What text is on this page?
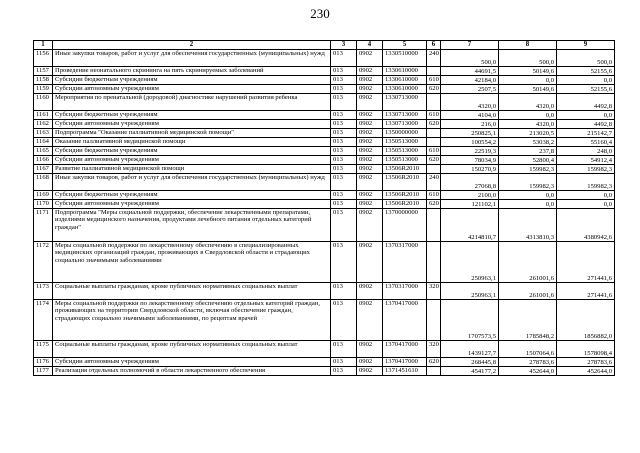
230
1	2	3	4	5	6	7	8	9
1156	Иные закупки товаров, работ и услуг для обеспечения государственных (муниципальных) нужд	013	0902	1330510000	240	500,0	500,0	500,0
1157	Проведение неонатального скрининга на пять скринируемых заболеваний	013	0902	1330610000		44691,5	50149,6	52155,6
1158	Субсидии бюджетным учреждениям	013	0902	1330610000	610	42184,0	0,0	0,0
1159	Субсидии автономным учреждениям	013	0902	1330610000	620	2507,5	50149,6	52155,6
1160	Мероприятия по пренатальной (дородовой) диагностике нарушений развития ребенка	013	0902	1330713000		4320,0	4320,0	4492,8
1161	Субсидии бюджетным учреждениям	013	0902	1330713000	610	4104,0	0,0	0,0
1162	Субсидии автономным учреждениям	013	0902	1330713000	620	216,0	4320,0	4492,8
1163	Подпрограмма "Оказание паллиативной медицинской помощи"	013	0902	1350000000		250825,1	213020,5	215142,7
1164	Оказание паллиативной медицинской помощи	013	0902	1350513000		100554,2	53038,2	55160,4
1165	Субсидии бюджетным учреждениям	013	0902	1350513000	610	22519,3	237,8	248,0
1166	Субсидии автономным учреждениям	013	0902	1350513000	620	78034,9	52800,4	54912,4
1167	Развитие паллиативной медицинской помощи	013	0902	13506R2010		150270,9	159982,3	159982,3
1168	Иные закупки товаров, работ и услуг для обеспечения государственных (муниципальных) нужд	013	0902	13506R2010	240	27068,8	159982,3	159982,3
1169	Субсидии бюджетным учреждениям	013	0902	13506R2010	610	2100,0	0,0	0,0
1170	Субсидии автономным учреждениям	013	0902	13506R2010	620	121102,1	0,0	0,0
1171	Подпрограмма "Меры социальной поддержки, обеспечение лекарственными препаратами, изделиями медицинского назначения, продуктами лечебного питания отдельных категорий граждан"	013	0902	1370000000		4214810,7	4313810,3	4380942,6
1172	Меры социальной поддержки по лекарственному обеспечению в специализированных медицинских организаций граждан, проживающих в Свердловской области и страдающих социально значимыми заболеваниями	013	0902	1370317000		250963,1	261001,6	271441,6
1173	Социальные выплаты гражданам, кроме публичных нормативных социальных выплат	013	0902	1370317000	320	250963,1	261001,6	271441,6
1174	Меры социальной поддержки по лекарственному обеспечению отдельных категорий граждан, проживающих на территории Свердловской области, включая обеспечение граждан, страдающих социально значимыми заболеваниями, по рецептам врачей	013	0902	1370417000		1707573,5	1785848,2	1856882,0
1175	Социальные выплаты гражданам, кроме публичных нормативных социальных выплат	013	0902	1370417000	320	1439127,7	1507064,6	1578098,4
1176	Субсидии автономным учреждениям	013	0902	1370417000	620	268445,8	278783,6	278783,6
1177	Реализация отдельных полномочий в области лекарственного обеспечения	013	0902	1371451610		454177,2	452644,0	452644,0
